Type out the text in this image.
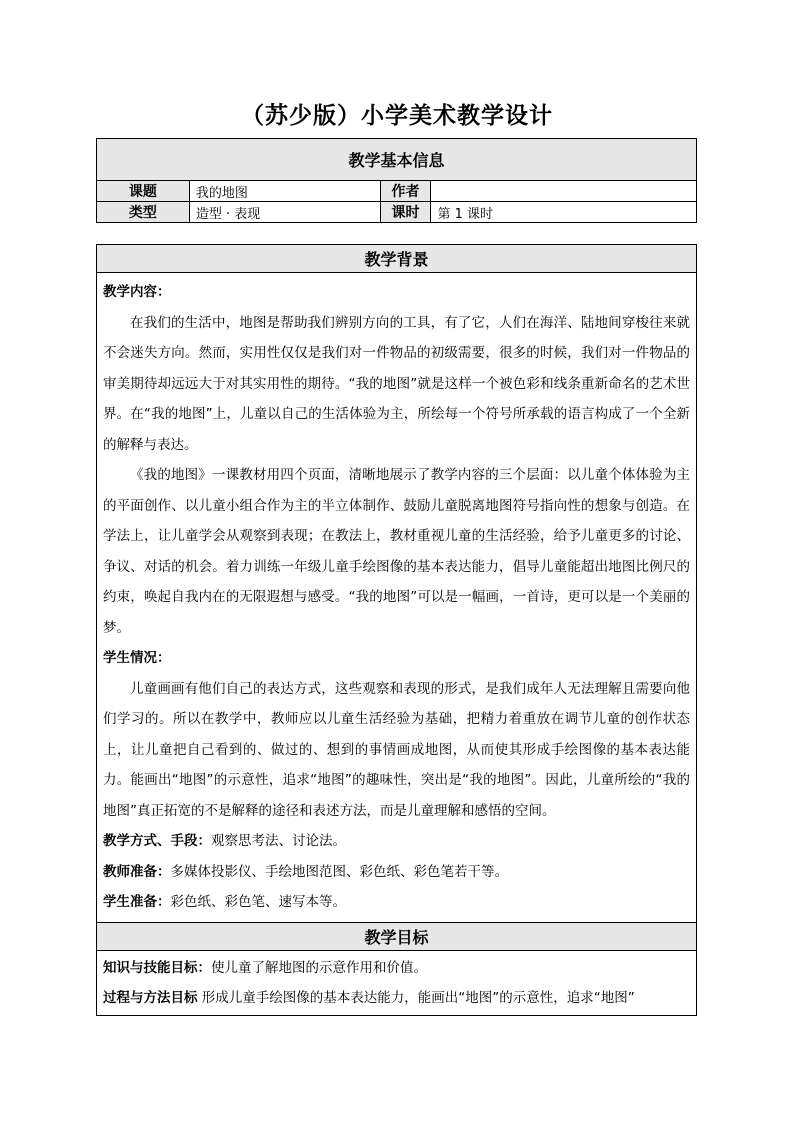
（苏少版）小学美术教学设计
教学基本信息			
课题	我的地图	作者	
类型	造型 · 表现	课时	第 1 课时
教学背景

教学内容：

在我们的生活中，地图是帮助我们辨别方向的工具，有了它，人们在海洋、陆地间穿梭往来就不会迷失方向。然而，实用性仅仅是我们对一件物品的初级需要，很多的时候，我们对一件物品的审美期待却远远大于对其实用性的期待。“我的地图”就是这样一个被色彩和线条重新命名的艺术世界。在“我的地图”上，儿童以自己的生活体验为主，所绘每一个符号所承载的语言构成了一个全新的解释与表达。

《我的地图》一课教材用四个页面，清晰地展示了教学内容的三个层面：以儿童个体体验为主的平面创作、以儿童小组合作为主的半立体制作、鼓励儿童脱离地图符号指向性的想象与创造。在学法上，让儿童学会从观察到表现；在教法上，教材重视儿童的生活经验，给予儿童更多的讨论、争议、对话的机会。着力训练一年级儿童手绘图像的基本表达能力，倡导儿童能超出地图比例尺的约束，唤起自我内在的无限遐想与感受。“我的地图”可以是一幅画，一首诗，更可以是一个美丽的梦。

学生情况：

儿童画画有他们自己的表达方式，这些观察和表现的形式，是我们成年人无法理解且需要向他们学习的。所以在教学中，教师应以儿童生活经验为基础，把精力着重放在调节儿童的创作状态上，让儿童把自己看到的、做过的、想到的事情画成地图，从而使其形成手绘图像的基本表达能力。能画出“地图”的示意性，追求“地图”的趣味性，突出是“我的地图”。因此，儿童所绘的“我的地图”真正拓宽的不是解释的途径和表述方法，而是儿童理解和感悟的空间。

教学方式、手段：观察思考法、讨论法。

教师准备：多媒体投影仪、手绘地图范图、彩色纸、彩色笔若干等。

学生准备：彩色纸、彩色笔、速写本等。

教学目标

知识与技能目标：使儿童了解地图的示意作用和价值。

过程与方法目标 形成儿童手绘图像的基本表达能力，能画出“地图”的示意性，追求“地图”
